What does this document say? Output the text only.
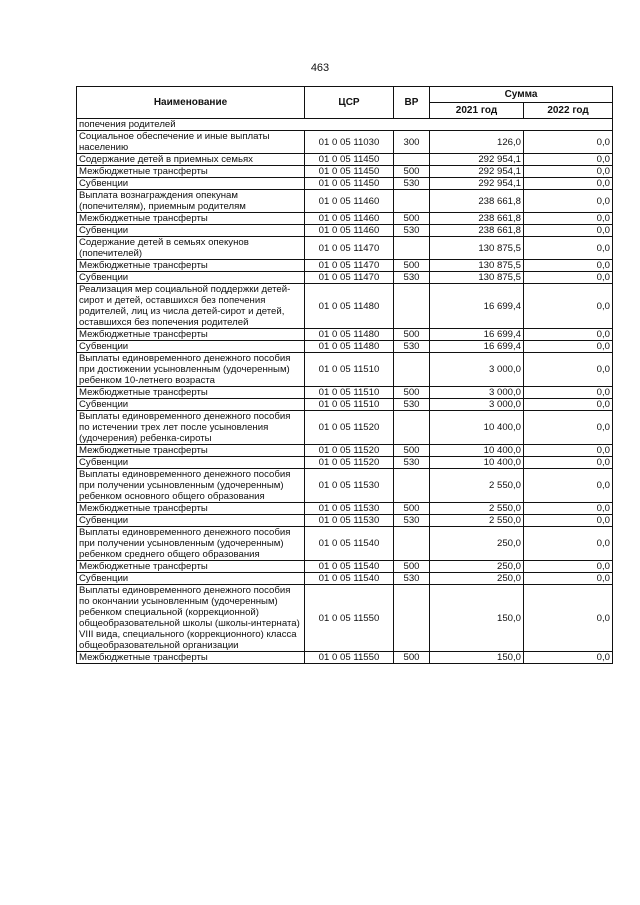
463
Наименование	ЦСР	ВР	Сумма	
			2021 год	2022 год
попечения родителей				
Социальное обеспечение и иные выплаты населению	01 0 05 11030	300	126,0	0,0
Содержание детей в приемных семьях	01 0 05 11450		292 954,1	0,0
Межбюджетные трансферты	01 0 05 11450	500	292 954,1	0,0
Субвенции	01 0 05 11450	530	292 954,1	0,0
Выплата вознаграждения опекунам (попечителям), приемным родителям	01 0 05 11460		238 661,8	0,0
Межбюджетные трансферты	01 0 05 11460	500	238 661,8	0,0
Субвенции	01 0 05 11460	530	238 661,8	0,0
Содержание детей в семьях опекунов (попечителей)	01 0 05 11470		130 875,5	0,0
Межбюджетные трансферты	01 0 05 11470	500	130 875,5	0,0
Субвенции	01 0 05 11470	530	130 875,5	0,0
Реализация мер социальной поддержки детей-сирот и детей, оставшихся без попечения родителей, лиц из числа детей-сирот и детей, оставшихся без попечения родителей	01 0 05 11480		16 699,4	0,0
Межбюджетные трансферты	01 0 05 11480	500	16 699,4	0,0
Субвенции	01 0 05 11480	530	16 699,4	0,0
Выплаты единовременного денежного пособия при достижении усыновленным (удочеренным) ребенком 10-летнего возраста	01 0 05 11510		3 000,0	0,0
Межбюджетные трансферты	01 0 05 11510	500	3 000,0	0,0
Субвенции	01 0 05 11510	530	3 000,0	0,0
Выплаты единовременного денежного пособия по истечении трех лет после усыновления (удочерения) ребенка-сироты	01 0 05 11520		10 400,0	0,0
Межбюджетные трансферты	01 0 05 11520	500	10 400,0	0,0
Субвенции	01 0 05 11520	530	10 400,0	0,0
Выплаты единовременного денежного пособия при получении усыновленным (удочеренным) ребенком основного общего образования	01 0 05 11530		2 550,0	0,0
Межбюджетные трансферты	01 0 05 11530	500	2 550,0	0,0
Субвенции	01 0 05 11530	530	2 550,0	0,0
Выплаты единовременного денежного пособия при получении усыновленным (удочеренным) ребенком среднего общего образования	01 0 05 11540		250,0	0,0
Межбюджетные трансферты	01 0 05 11540	500	250,0	0,0
Субвенции	01 0 05 11540	530	250,0	0,0
Выплаты единовременного денежного пособия по окончании усыновленным (удочеренным) ребенком специальной (коррекционной) общеобразовательной школы (школы-интерната) VIII вида, специального (коррекционного) класса общеобразовательной организации	01 0 05 11550		150,0	0,0
Межбюджетные трансферты	01 0 05 11550	500	150,0	0,0
